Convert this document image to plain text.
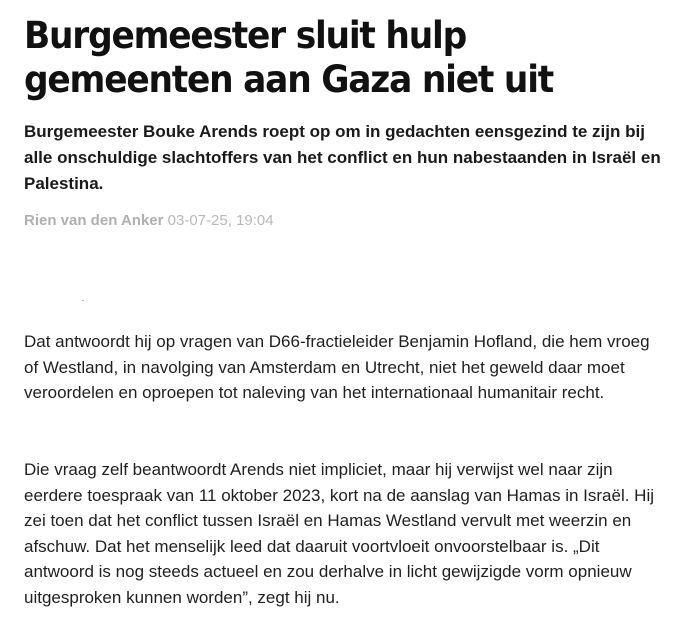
Burgemeester sluit hulp gemeenten aan Gaza niet uit

Burgemeester Bouke Arends roept op om in gedachten eensgezind te zijn bij alle onschuldige slachtoffers van het conflict en hun nabestaanden in Israël en Palestina.

Rien van den Anker 03-07-25, 19:04

Dat antwoordt hij op vragen van D66-fractieleider Benjamin Hofland, die hem vroeg of Westland, in navolging van Amsterdam en Utrecht, niet het geweld daar moet veroordelen en oproepen tot naleving van het internationaal humanitair recht.

Die vraag zelf beantwoordt Arends niet impliciet, maar hij verwijst wel naar zijn eerdere toespraak van 11 oktober 2023, kort na de aanslag van Hamas in Israël. Hij zei toen dat het conflict tussen Israël en Hamas Westland vervult met weerzin en afschuw. Dat het menselijk leed dat daaruit voortvloeit onvoorstelbaar is. „Dit antwoord is nog steeds actueel en zou derhalve in licht gewijzigde vorm opnieuw uitgesproken kunnen worden”, zegt hij nu.
